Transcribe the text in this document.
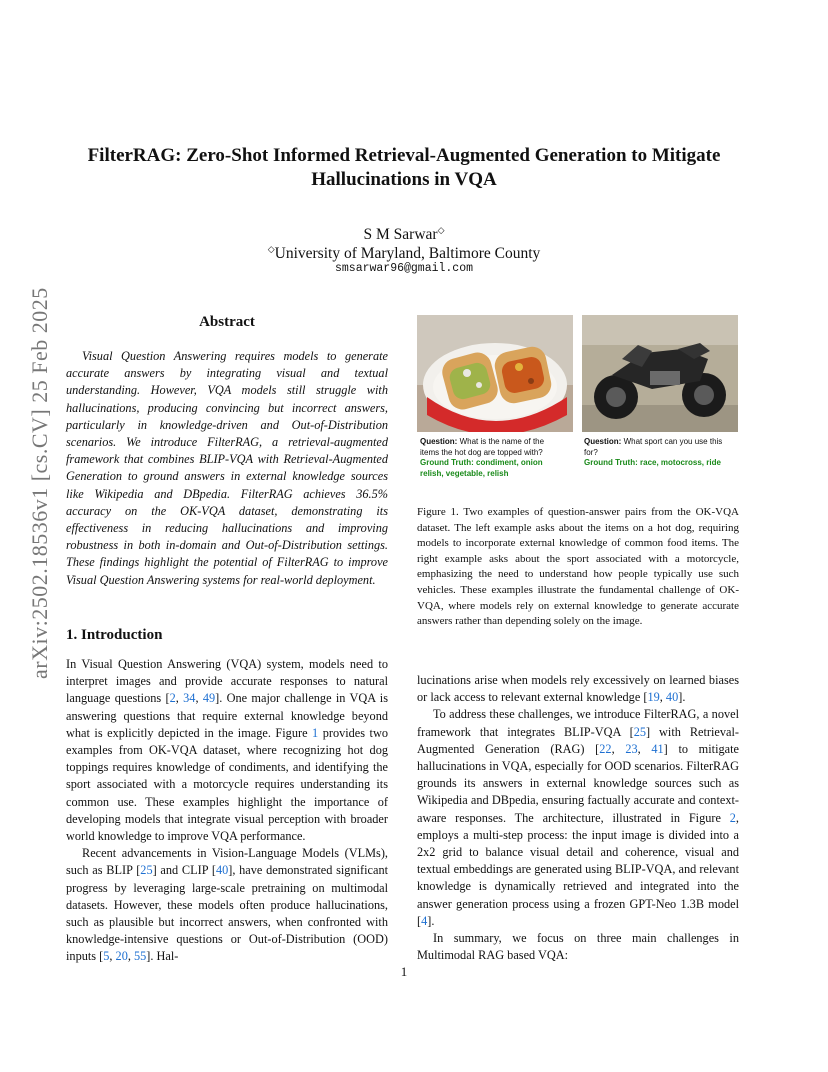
arXiv:2502.18536v1 [cs.CV] 25 Feb 2025
FilterRAG: Zero-Shot Informed Retrieval-Augmented Generation to Mitigate
Hallucinations in VQA
S M Sarwar◇
◇University of Maryland, Baltimore County
smsarwar96@gmail.com
Abstract
Visual Question Answering requires models to generate accurate answers by integrating visual and textual understanding. However, VQA models still struggle with hallucinations, producing convincing but incorrect answers, particularly in knowledge-driven and Out-of-Distribution scenarios. We introduce FilterRAG, a retrieval-augmented framework that combines BLIP-VQA with Retrieval-Augmented Generation to ground answers in external knowledge sources like Wikipedia and DBpedia. FilterRAG achieves 36.5% accuracy on the OK-VQA dataset, demonstrating its effectiveness in reducing hallucinations and improving robustness in both in-domain and Out-of-Distribution settings. These findings highlight the potential of FilterRAG to improve Visual Question Answering systems for real-world deployment.
Question: What is the name of the items the hot dog are topped with?
Ground Truth: condiment, onion relish, vegetable, relish
Question: What sport can you use this for?
Ground Truth: race, motocross, ride
Figure 1. Two examples of question-answer pairs from the OK-VQA dataset. The left example asks about the items on a hot dog, requiring models to incorporate external knowledge of common food items. The right example asks about the sport associated with a motorcycle, emphasizing the need to understand how people typically use such vehicles. These examples illustrate the fundamental challenge of OK-VQA, where models rely on external knowledge to generate accurate answers rather than depending solely on the image.
1. Introduction

In Visual Question Answering (VQA) system, models need to interpret images and provide accurate responses to natural language questions [2, 34, 49]. One major challenge in VQA is answering questions that require external knowledge beyond what is explicitly depicted in the image. Figure 1 provides two examples from OK-VQA dataset, where recognizing hot dog toppings requires knowledge of condiments, and identifying the sport associated with a motorcycle requires understanding its common use. These examples highlight the importance of developing models that integrate visual perception with broader world knowledge to improve VQA performance.

Recent advancements in Vision-Language Models (VLMs), such as BLIP [25] and CLIP [40], have demonstrated significant progress by leveraging large-scale pretraining on multimodal datasets. However, these models often produce hallucinations, such as plausible but incorrect answers, when confronted with knowledge-intensive questions or Out-of-Distribution (OOD) inputs [5, 20, 55]. Hal-

lucinations arise when models rely excessively on learned biases or lack access to relevant external knowledge [19, 40].

To address these challenges, we introduce FilterRAG, a novel framework that integrates BLIP-VQA [25] with Retrieval-Augmented Generation (RAG) [22, 23, 41] to mitigate hallucinations in VQA, especially for OOD scenarios. FilterRAG grounds its answers in external knowledge sources such as Wikipedia and DBpedia, ensuring factually accurate and context-aware responses. The architecture, illustrated in Figure 2, employs a multi-step process: the input image is divided into a 2x2 grid to balance visual detail and coherence, visual and textual embeddings are generated using BLIP-VQA, and relevant knowledge is dynamically retrieved and integrated into the answer generation process using a frozen GPT-Neo 1.3B model [4].

In summary, we focus on three main challenges in Multimodal RAG based VQA:

1
